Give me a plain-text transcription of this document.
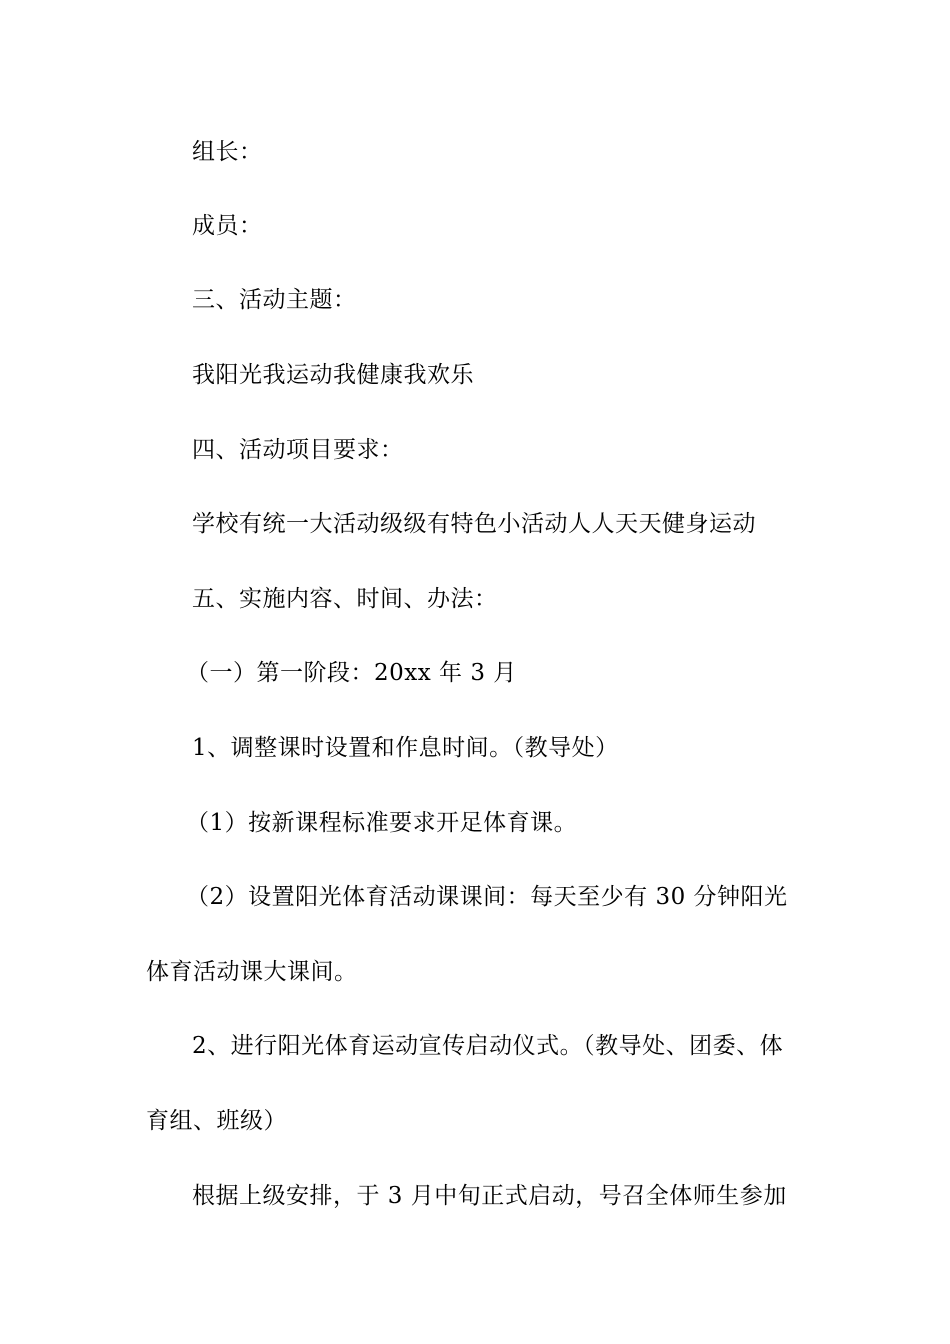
组长：
成员：
三、活动主题：
我阳光我运动我健康我欢乐
四、活动项目要求：
学校有统一大活动级级有特色小活动人人天天健身运动
五、实施内容、时间、办法：
（一）第一阶段：20xx 年 3 月
1、调整课时设置和作息时间。（教导处）
（1）按新课程标准要求开足体育课。
（2）设置阳光体育活动课课间：每天至少有 30 分钟阳光
体育活动课大课间。
2、进行阳光体育运动宣传启动仪式。（教导处、团委、体
育组、班级）
根据上级安排，于 3 月中旬正式启动，号召全体师生参加
